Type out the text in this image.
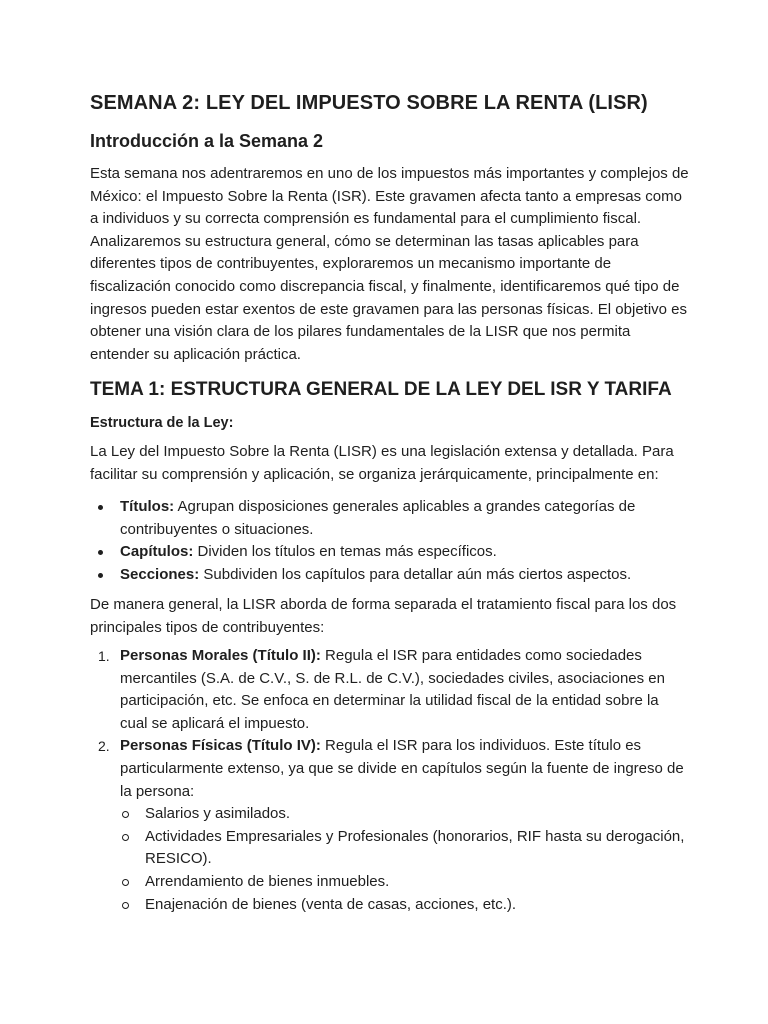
SEMANA 2: LEY DEL IMPUESTO SOBRE LA RENTA (LISR)
Introducción a la Semana 2

Esta semana nos adentraremos en uno de los impuestos más importantes y complejos de México: el Impuesto Sobre la Renta (ISR). Este gravamen afecta tanto a empresas como a individuos y su correcta comprensión es fundamental para el cumplimiento fiscal. Analizaremos su estructura general, cómo se determinan las tasas aplicables para diferentes tipos de contribuyentes, exploraremos un mecanismo importante de fiscalización conocido como discrepancia fiscal, y finalmente, identificaremos qué tipo de ingresos pueden estar exentos de este gravamen para las personas físicas. El objetivo es obtener una visión clara de los pilares fundamentales de la LISR que nos permita entender su aplicación práctica.

TEMA 1: ESTRUCTURA GENERAL DE LA LEY DEL ISR Y TARIFA
Estructura de la Ley:

La Ley del Impuesto Sobre la Renta (LISR) es una legislación extensa y detallada. Para facilitar su comprensión y aplicación, se organiza jerárquicamente, principalmente en:

Títulos: Agrupan disposiciones generales aplicables a grandes categorías de contribuyentes o situaciones.
Capítulos: Dividen los títulos en temas más específicos.
Secciones: Subdividen los capítulos para detallar aún más ciertos aspectos.

De manera general, la LISR aborda de forma separada el tratamiento fiscal para los dos principales tipos de contribuyentes:

1. Personas Morales (Título II): Regula el ISR para entidades como sociedades mercantiles (S.A. de C.V., S. de R.L. de C.V.), sociedades civiles, asociaciones en participación, etc. Se enfoca en determinar la utilidad fiscal de la entidad sobre la cual se aplicará el impuesto.
2. Personas Físicas (Título IV): Regula el ISR para los individuos. Este título es particularmente extenso, ya que se divide en capítulos según la fuente de ingreso de la persona:
Salarios y asimilados.
Actividades Empresariales y Profesionales (honorarios, RIF hasta su derogación, RESICO).
Arrendamiento de bienes inmuebles.
Enajenación de bienes (venta de casas, acciones, etc.).
